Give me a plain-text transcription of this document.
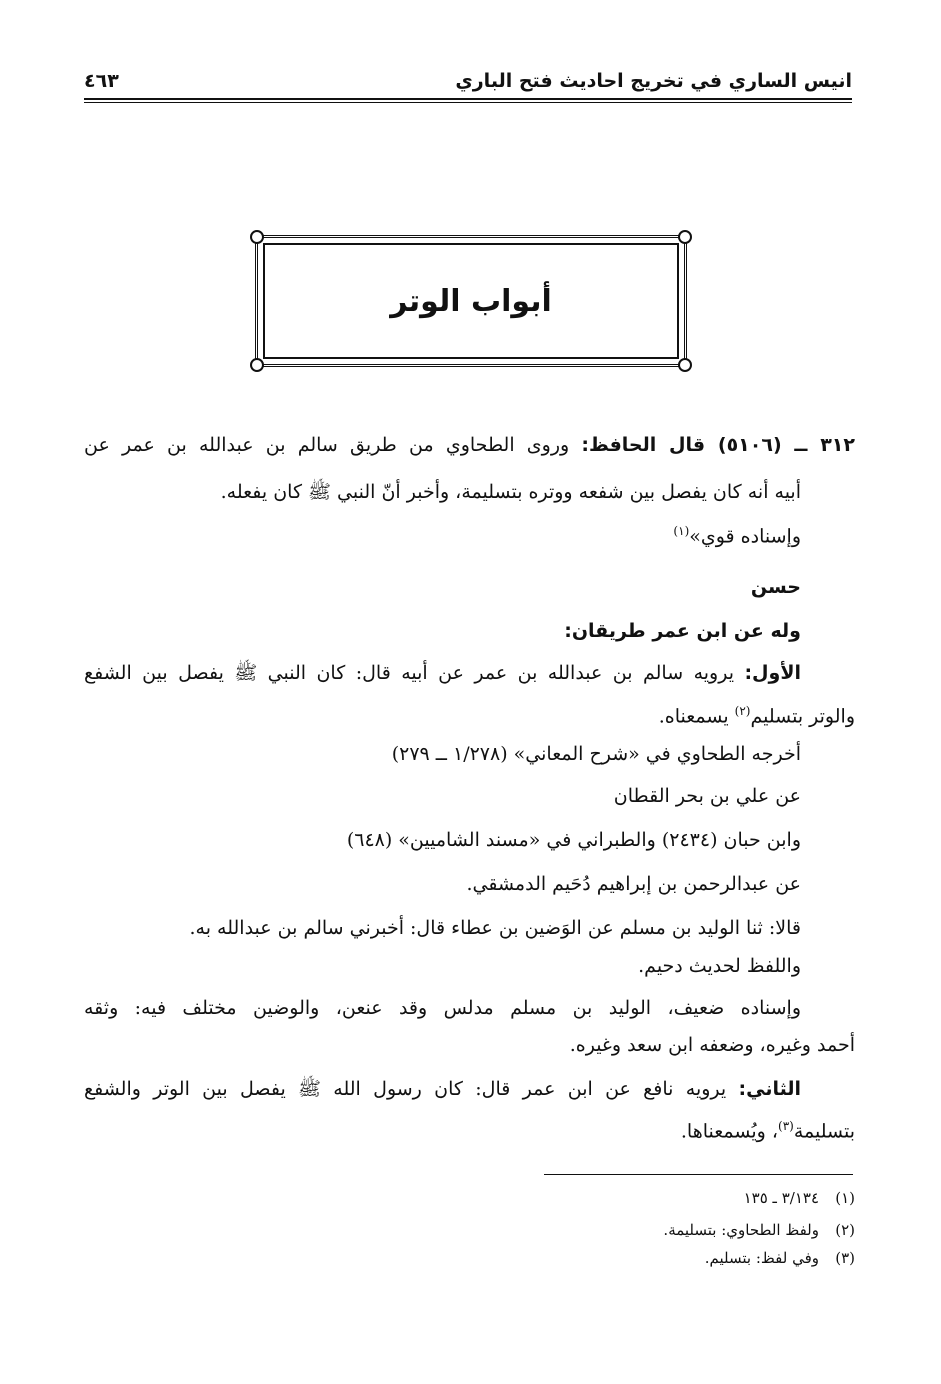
انيس الساري في تخريج احاديث فتح الباري
٤٦٣
أبواب الوتر
٣١٢ ــ (٥١٠٦) قال الحافظ: وروى الطحاوي من طريق سالم بن عبدالله بن عمر عن
أبيه أنه كان يفصل بين شفعه ووتره بتسليمة، وأخبر أنّ النبي ﷺ كان يفعله.
وإسناده قوي»$^{(١)}$
حسن
وله عن ابن عمر طريقان:
الأول: يرويه سالم بن عبدالله بن عمر عن أبيه قال: كان النبي ﷺ يفصل بين الشفع
والوتر بتسليم$^{(٢)}$ يسمعناه.
أخرجه الطحاوي في «شرح المعاني» (١/٢٧٨ ــ ٢٧٩)
عن علي بن بحر القطان
وابن حبان (٢٤٣٤) والطبراني في «مسند الشاميين» (٦٤٨)
عن عبدالرحمن بن إبراهيم دُحَيم الدمشقي.
قالا: ثنا الوليد بن مسلم عن الوَضين بن عطاء قال: أخبرني سالم بن عبدالله به.
واللفظ لحديث دحيم.
وإسناده ضعيف، الوليد بن مسلم مدلس وقد عنعن، والوضين مختلف فيه: وثقه
أحمد وغيره، وضعفه ابن سعد وغيره.
الثاني: يرويه نافع عن ابن عمر قال: كان رسول الله ﷺ يفصل بين الوتر والشفع
بتسليمة$^{(٣)}$، ويُسمعناها.
(١)٣/١٣٤ ـ ١٣٥
(٢)ولفظ الطحاوي: بتسليمة.
(٣)وفي لفظ: بتسليم.
